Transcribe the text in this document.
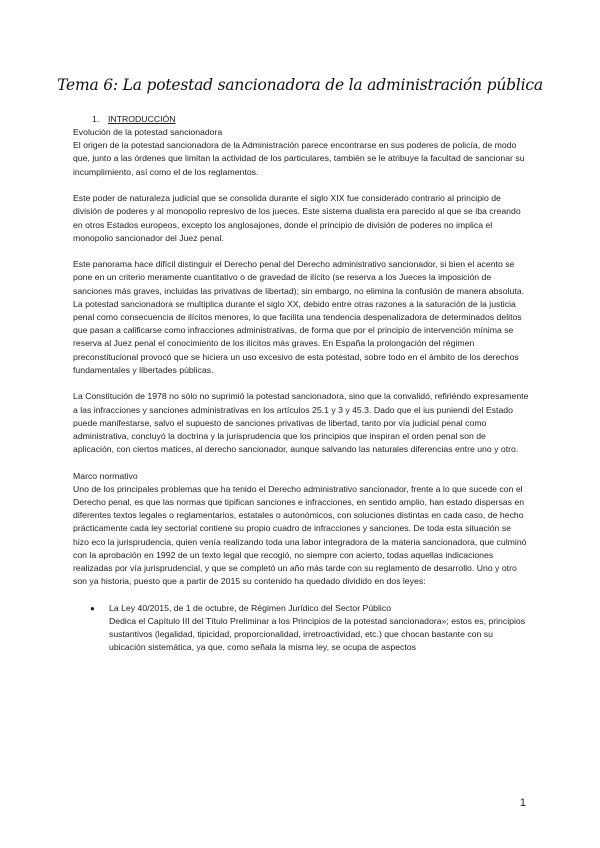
Tema 6: La potestad sancionadora de la administración pública
1. INTRODUCCIÓN

Evolución de la potestad sancionadora

El origen de la potestad sancionadora de la Administración parece encontrarse en sus poderes de policía, de modo que, junto a las órdenes que limitan la actividad de los particulares, también se le atribuye la facultad de sancionar su incumplimiento, así como el de los reglamentos.

Este poder de naturaleza judicial que se consolida durante el siglo XIX fue considerado contrario al principio de división de poderes y al monopolio represivo de los jueces. Este sistema dualista era parecido al que se iba creando en otros Estados europeos, excepto los anglosajones, donde el principio de división de poderes no implica el monopolio sancionador del Juez penal.

Este panorama hace difícil distinguir el Derecho penal del Derecho administrativo sancionador, si bien el acento se pone en un criterio meramente cuantitativo o de gravedad de ilícito (se reserva a los Jueces la imposición de sanciones más graves, incluidas las privativas de libertad); sin embargo, no elimina la confusión de manera absoluta. La potestad sancionadora se multiplica durante el siglo XX, debido entre otras razones a la saturación de la justicia penal como consecuencia de ilícitos menores, lo que facilita una tendencia despenalizadora de determinados delitos que pasan a calificarse como infracciones administrativas, de forma que por el principio de intervención mínima se reserva al Juez penal el conocimiento de los ilícitos más graves. En España la prolongación del régimen preconstitucional provocó que se hiciera un uso excesivo de esta potestad, sobre todo en el ámbito de los derechos fundamentales y libertades públicas.

La Constitución de 1978 no sólo no suprimió la potestad sancionadora, sino que la convalidó, refiriéndo expresamente a las infracciones y sanciones administrativas en los artículos 25.1 y 3 y 45.3. Dado que el ius puniendi del Estado puede manifestarse, salvo el supuesto de sanciones privativas de libertad, tanto por vía judicial penal como administrativa, concluyó la doctrina y la jurisprudencia que los principios que inspiran el orden penal son de aplicación, con ciertos matices, al derecho sancionador, aunque salvando las naturales diferencias entre uno y otro.

Marco normativo

Uno de los principales problemas que ha tenido el Derecho administrativo sancionador, frente a lo que sucede con el Derecho penal, es que las normas que tipifican sanciones e infracciones, en sentido amplio, han estado dispersas en diferentes textos legales o reglamentarios, estatales o autonómicos, con soluciones distintas en cada caso, de hecho prácticamente cada ley sectorial contiene su propio cuadro de infracciones y sanciones. De toda esta situación se hizo eco la jurisprudencia, quien venía realizando toda una labor integradora de la materia sancionadora, que culminó con la aprobación en 1992 de un texto legal que recogió, no siempre con acierto, todas aquellas indicaciones realizadas por vía jurisprudencial, y que se completó un año más tarde con su reglamento de desarrollo. Uno y otro son ya historia, puesto que a partir de 2015 su contenido ha quedado dividido en dos leyes:

● La Ley 40/2015, de 1 de octubre, de Régimen Jurídico del Sector Público
Dedica el Capítulo III del Título Preliminar a los Principios de la potestad sancionadora»; estos es, principios sustantivos (legalidad, tipicidad, proporcionalidad, irretroactividad, etc.) que chocan bastante con su ubicación sistemática, ya que, como señala la misma ley, se ocupa de aspectos
1
